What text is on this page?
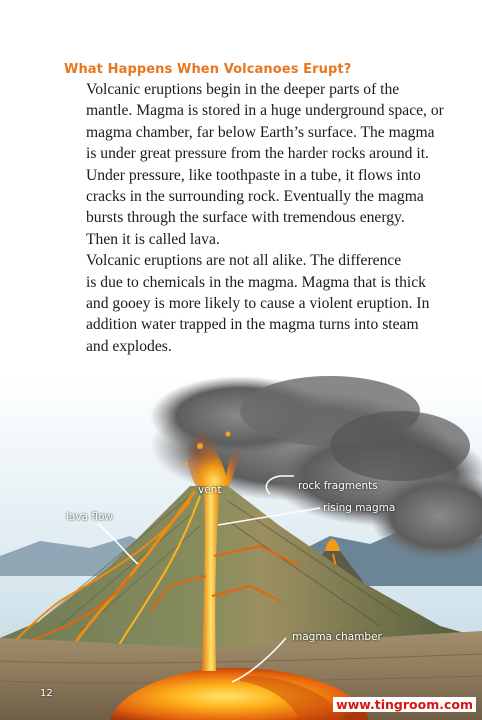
What Happens When Volcanoes Erupt?

Volcanic eruptions begin in the deeper parts of the
mantle. Magma is stored in a huge underground space, or
magma chamber, far below Earth’s surface. The magma
is under great pressure from the harder rocks around it.
Under pressure, like toothpaste in a tube, it flows into
cracks in the surrounding rock. Eventually the magma
bursts through the surface with tremendous energy.
Then it is called lava.

Volcanic eruptions are not all alike. The difference
is due to chemicals in the magma. Magma that is thick
and gooey is more likely to cause a violent eruption. In
addition water trapped in the magma turns into steam
and explodes.

vent	rock fragments
rising magma
lava flow
magma chamber
12
www.tingroom.com
